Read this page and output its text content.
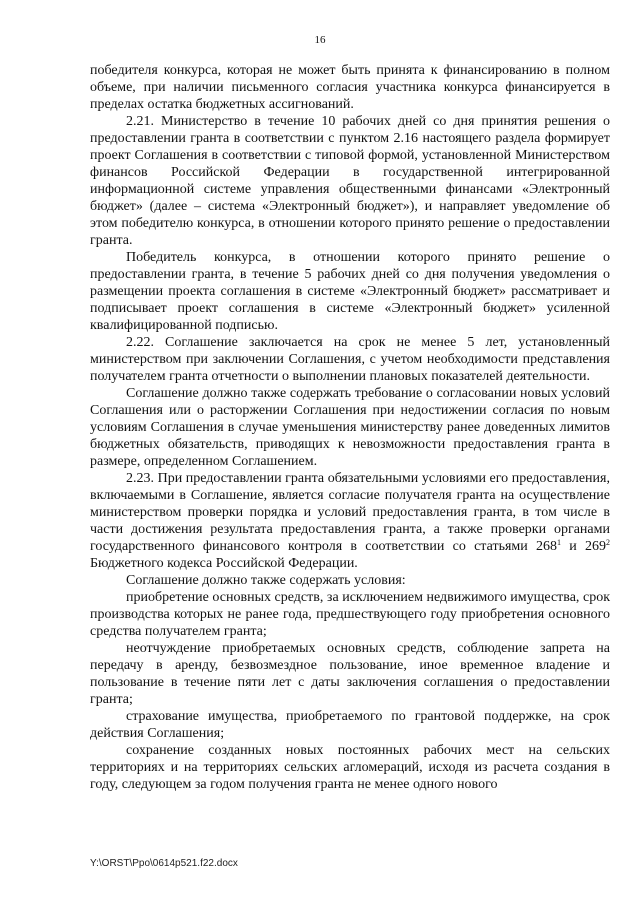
16

победителя конкурса, которая не может быть принята к финансированию в полном объеме, при наличии письменного согласия участника конкурса финансируется в пределах остатка бюджетных ассигнований.

2.21. Министерство в течение 10 рабочих дней со дня принятия решения о предоставлении гранта в соответствии с пунктом 2.16 настоящего раздела формирует проект Соглашения в соответствии с типовой формой, установленной Министерством финансов Российской Федерации в государственной интегрированной информационной системе управления общественными финансами «Электронный бюджет» (далее – система «Электронный бюджет»), и направляет уведомление об этом победителю конкурса, в отношении которого принято решение о предоставлении гранта.

Победитель конкурса, в отношении которого принято решение о предоставлении гранта, в течение 5 рабочих дней со дня получения уведомления о размещении проекта соглашения в системе «Электронный бюджет» рассматривает и подписывает проект соглашения в системе «Электронный бюджет» усиленной квалифицированной подписью.

2.22. Соглашение заключается на срок не менее 5 лет, установленный министерством при заключении Соглашения, с учетом необходимости представления получателем гранта отчетности о выполнении плановых показателей деятельности.

Соглашение должно также содержать требование о согласовании новых условий Соглашения или о расторжении Соглашения при недостижении согласия по новым условиям Соглашения в случае уменьшения министерству ранее доведенных лимитов бюджетных обязательств, приводящих к невозможности предоставления гранта в размере, определенном Соглашением.

2.23. При предоставлении гранта обязательными условиями его предоставления, включаемыми в Соглашение, является согласие получателя гранта на осуществление министерством проверки порядка и условий предоставления гранта, в том числе в части достижения результата предоставления гранта, а также проверки органами государственного финансового контроля в соответствии со статьями $268^1$ и $269^2$ Бюджетного кодекса Российской Федерации.

Соглашение должно также содержать условия:

приобретение основных средств, за исключением недвижимого имущества, срок производства которых не ранее года, предшествующего году приобретения основного средства получателем гранта;

неотчуждение приобретаемых основных средств, соблюдение запрета на передачу в аренду, безвозмездное пользование, иное временное владение и пользование в течение пяти лет с даты заключения соглашения о предоставлении гранта;

страхование имущества, приобретаемого по грантовой поддержке, на срок действия Соглашения;

сохранение созданных новых постоянных рабочих мест на сельских территориях и на территориях сельских агломераций, исходя из расчета создания в году, следующем за годом получения гранта не менее одного нового

Y:\ORST\Ppo\0614p521.f22.docx
